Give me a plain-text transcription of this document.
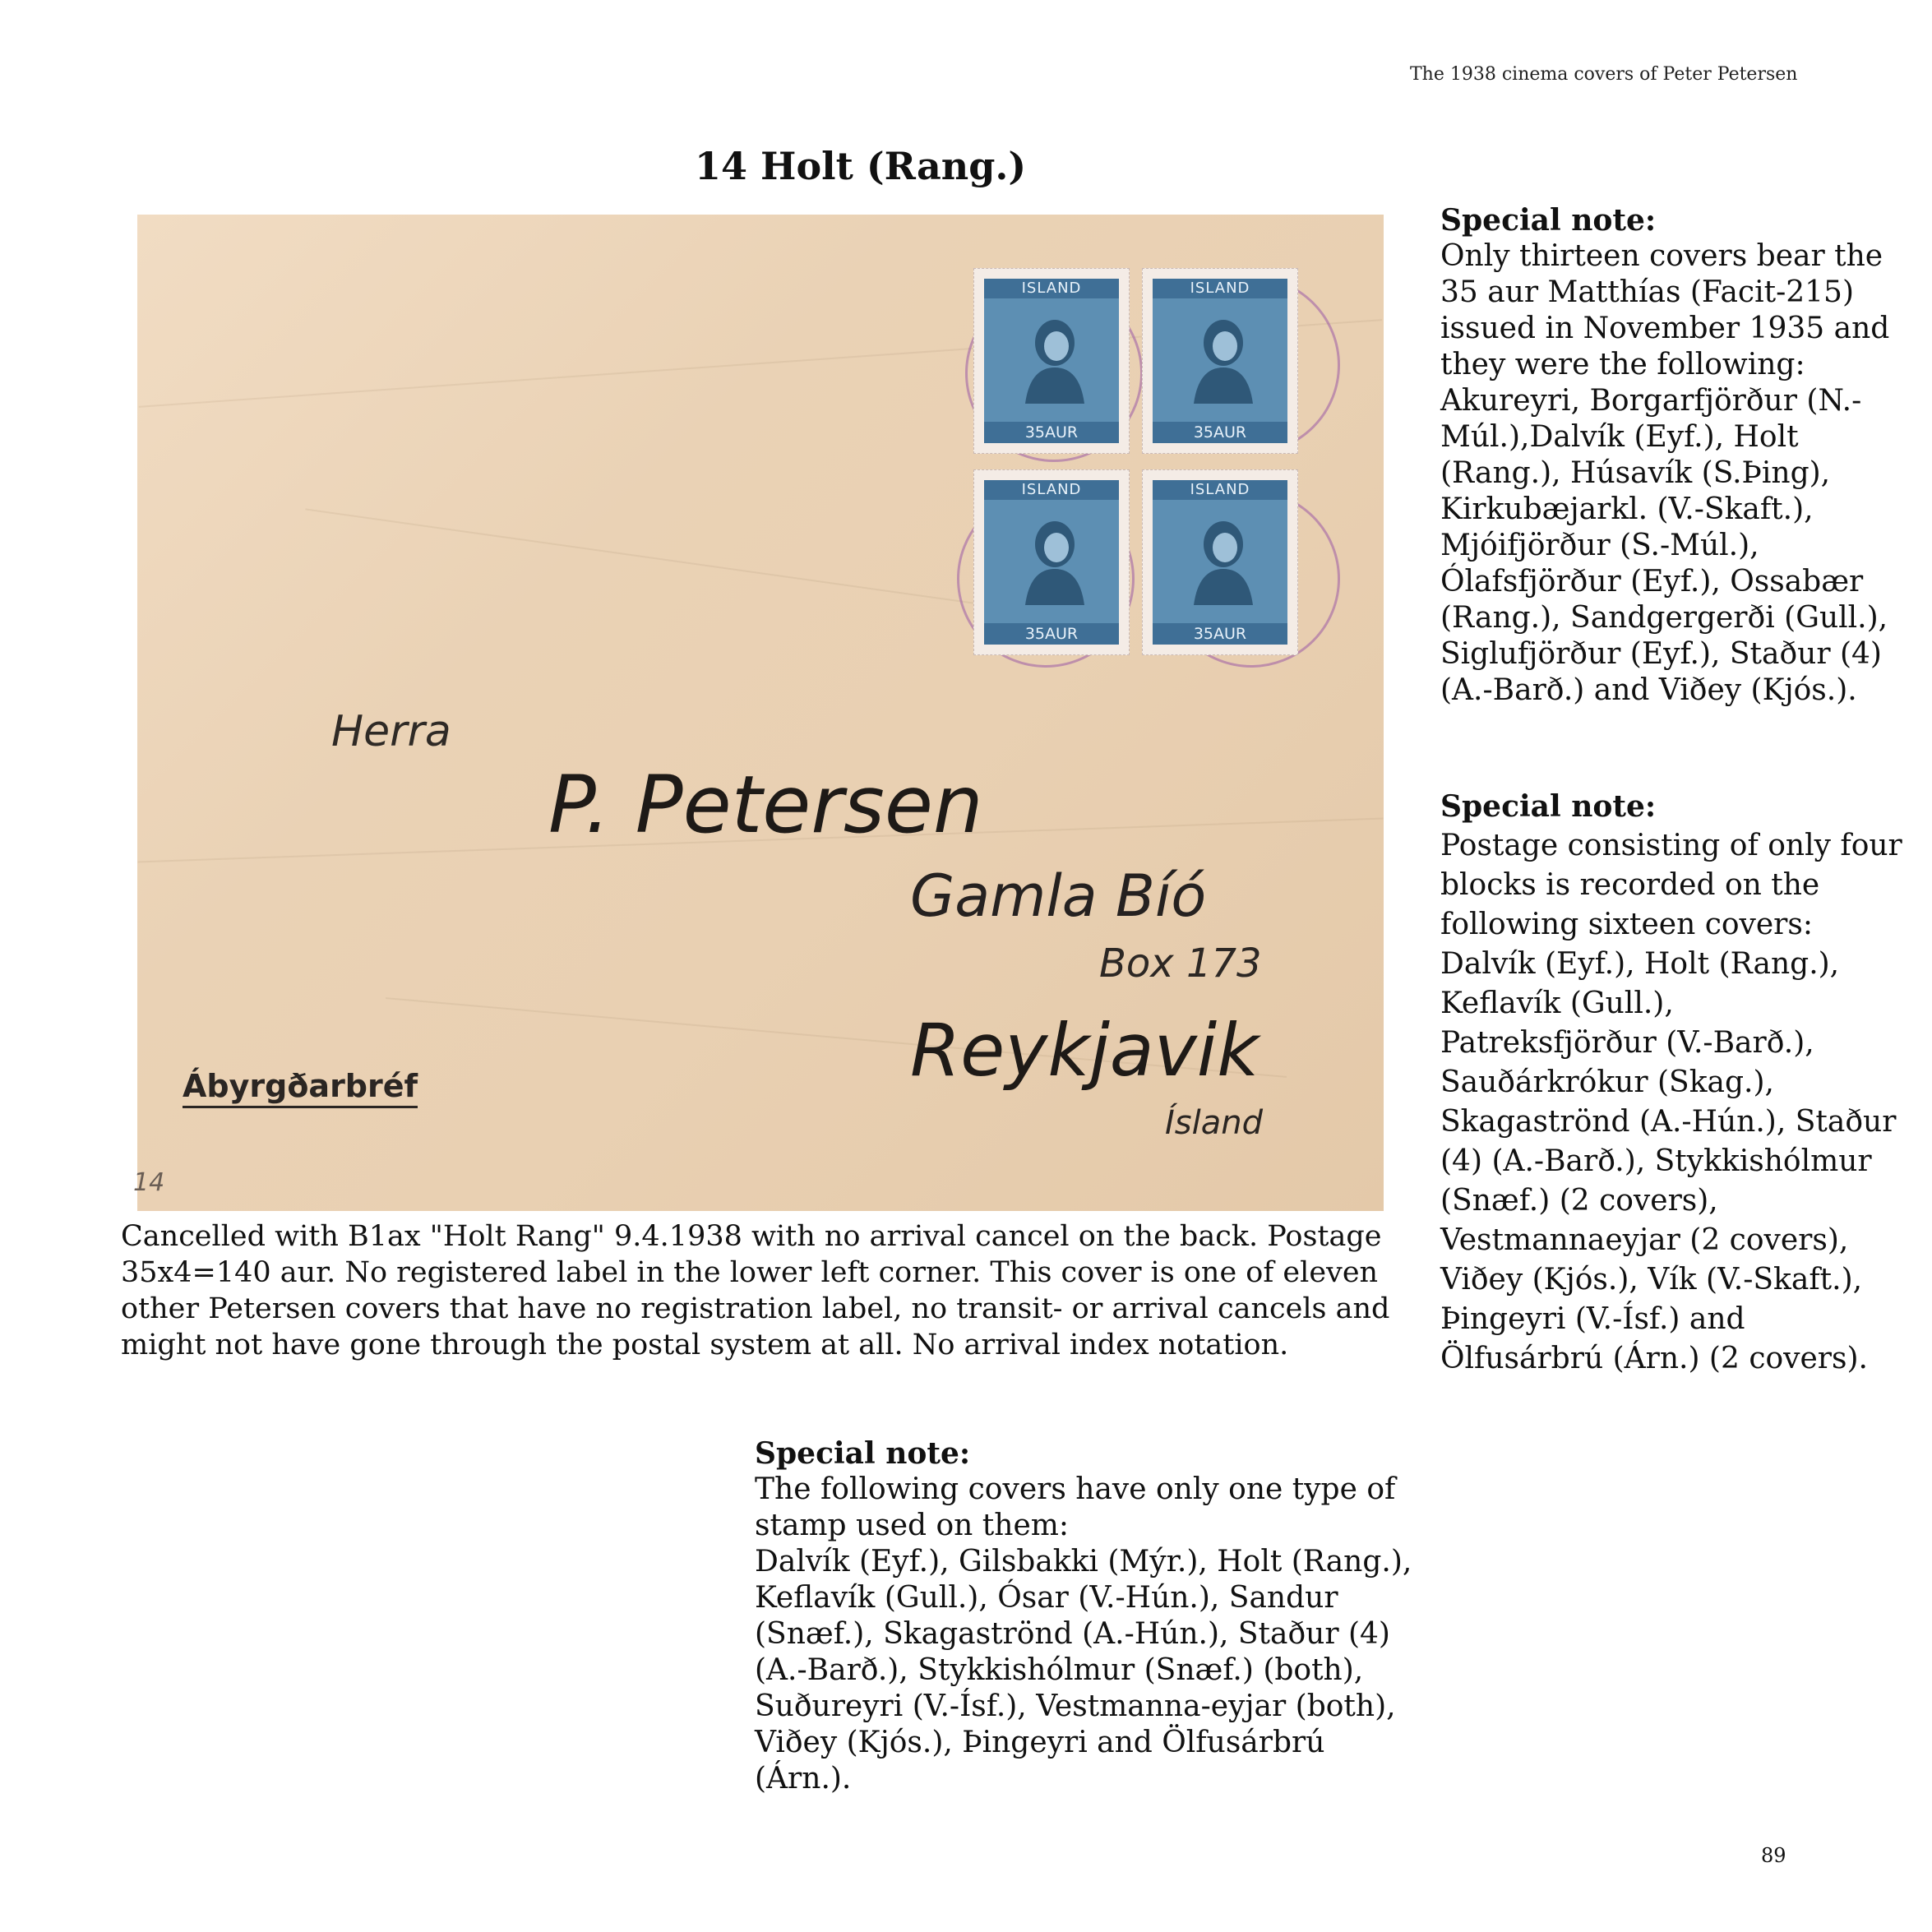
The 1938 cinema covers of Peter Petersen
14 Holt (Rang.)
ISLAND
35AUR
ISLAND
35AUR
ISLAND
35AUR
ISLAND
35AUR
Herra
P. Petersen
Gamla Bíó
Box 173
Reykjavik
Ísland
Ábyrgðarbréf
14

Cancelled with B1ax "Holt Rang" 9.4.1938 with no arrival cancel on the back. Postage 35x4=140 aur. No registered label in the lower left corner. This cover is one of eleven other Petersen covers that have no registration label, no transit- or arrival cancels and might not have gone through the postal system at all. No arrival index notation.

Special note:
Only thirteen covers bear the
35 aur Matthías (Facit-215)
issued in November 1935 and
they were the following:
Akureyri, Borgarfjörður (N.-
Múl.),Dalvík (Eyf.), Holt
(Rang.), Húsavík (S.Þing),
Kirkubæjarkl. (V.-Skaft.),
Mjóifjörður (S.-Múl.),
Ólafsfjörður (Eyf.), Ossabær
(Rang.), Sandgergerði (Gull.),
Siglufjörður (Eyf.), Staður (4)
(A.-Barð.) and Viðey (Kjós.).
Special note:
Postage consisting of only four
blocks is recorded on the
following sixteen covers:
Dalvík (Eyf.), Holt (Rang.),
Keflavík (Gull.),
Patreksfjörður (V.-Barð.),
Sauðárkrókur (Skag.),
Skagaströnd (A.-Hún.), Staður
(4) (A.-Barð.), Stykkishólmur
(Snæf.) (2 covers),
Vestmannaeyjar (2 covers),
Viðey (Kjós.), Vík (V.-Skaft.),
Þingeyri (V.-Ísf.) and
Ölfusárbrú (Árn.) (2 covers).
Special note:
The following covers have only one type of
stamp used on them:
Dalvík (Eyf.), Gilsbakki (Mýr.), Holt (Rang.),
Keflavík (Gull.), Ósar (V.-Hún.), Sandur
(Snæf.), Skagaströnd (A.-Hún.), Staður (4)
(A.-Barð.), Stykkishólmur (Snæf.) (both),
Suðureyri (V.-Ísf.), Vestmanna-eyjar (both),
Viðey (Kjós.), Þingeyri and Ölfusárbrú (Árn.).
89
